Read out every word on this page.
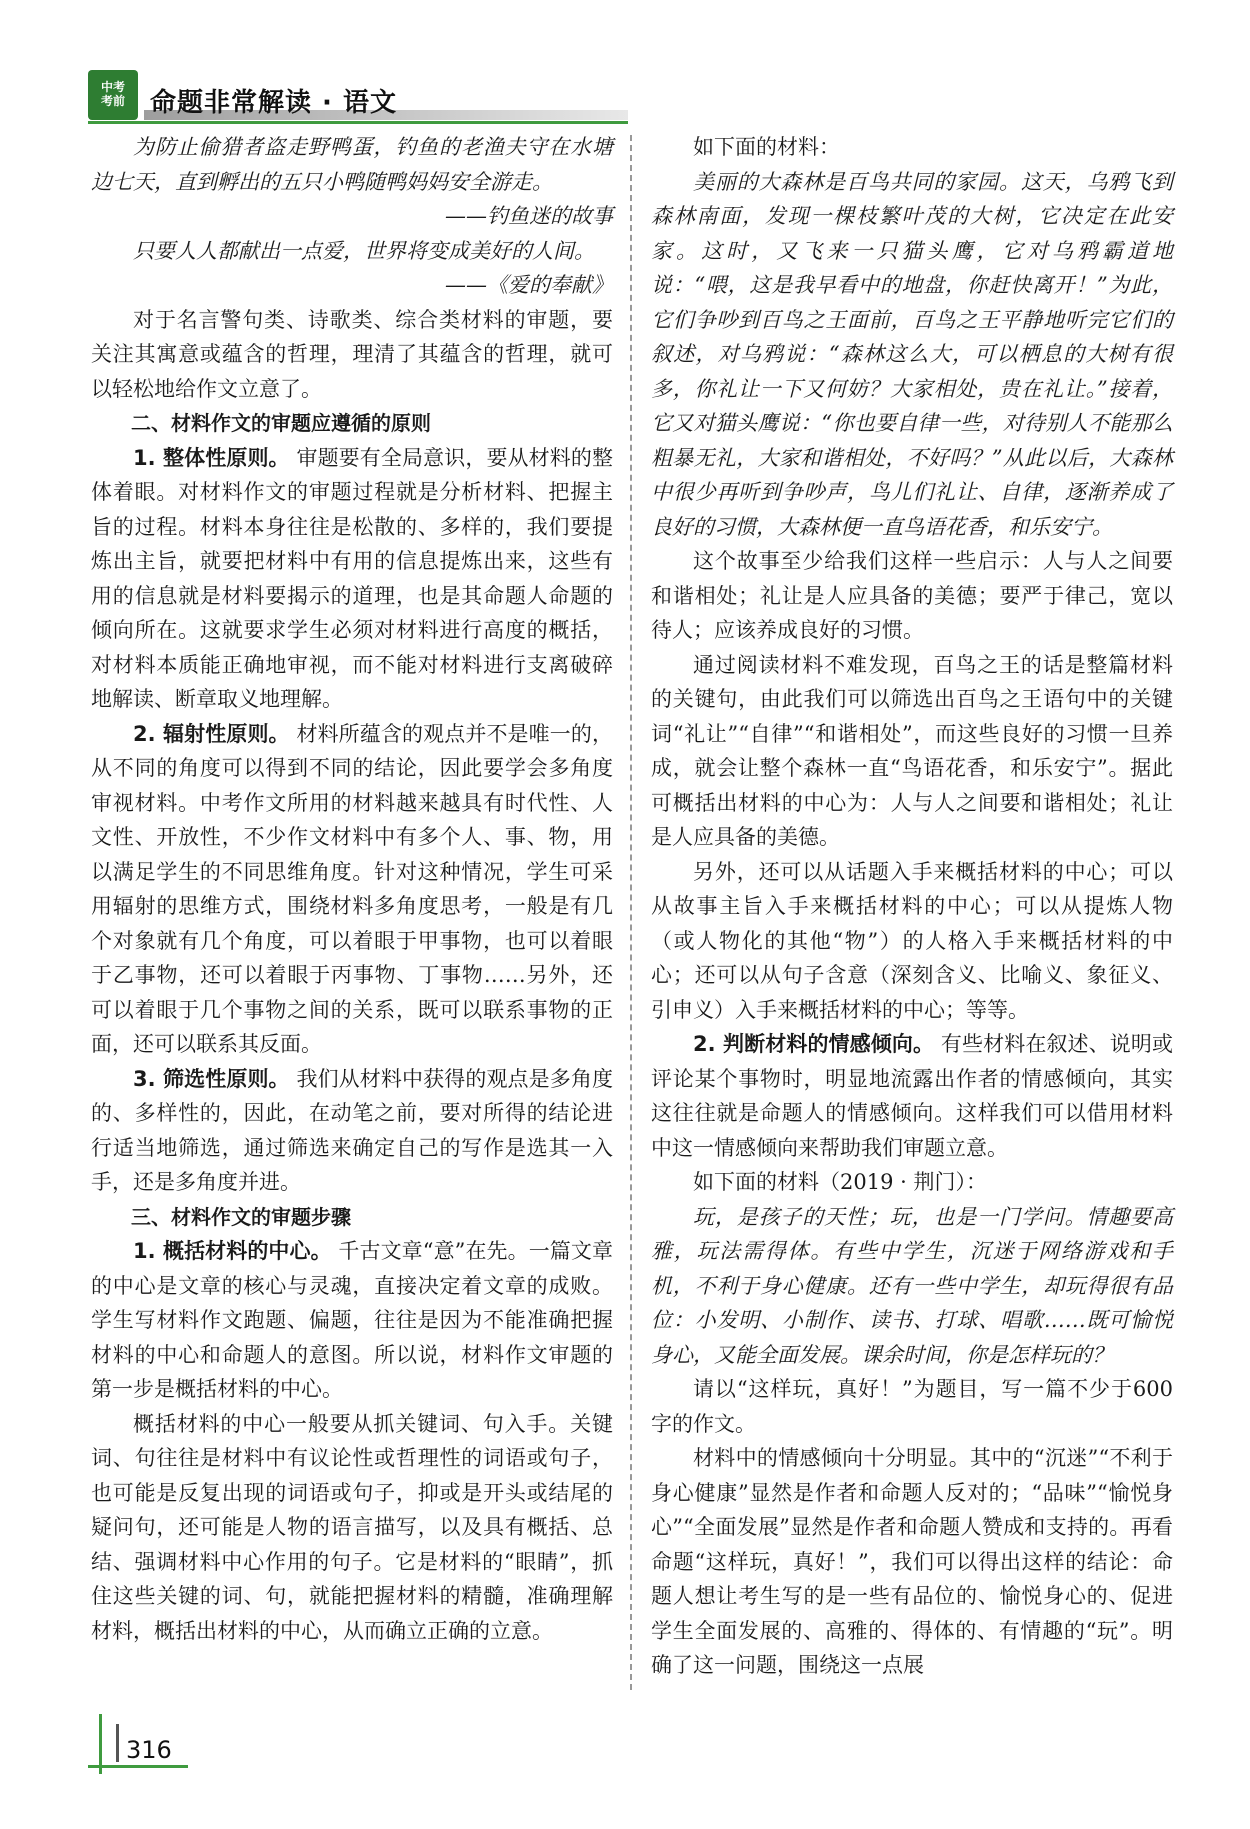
中考
考前 命题非常解读 · 语文

为防止偷猎者盗走野鸭蛋，钓鱼的老渔夫守在水塘边七天，直到孵出的五只小鸭随鸭妈妈安全游走。

——钓鱼迷的故事

只要人人都献出一点爱，世界将变成美好的人间。

——《爱的奉献》

对于名言警句类、诗歌类、综合类材料的审题，要关注其寓意或蕴含的哲理，理清了其蕴含的哲理，就可以轻松地给作文立意了。

二、材料作文的审题应遵循的原则

1. 整体性原则。 审题要有全局意识，要从材料的整体着眼。对材料作文的审题过程就是分析材料、把握主旨的过程。材料本身往往是松散的、多样的，我们要提炼出主旨，就要把材料中有用的信息提炼出来，这些有用的信息就是材料要揭示的道理，也是其命题人命题的倾向所在。这就要求学生必须对材料进行高度的概括，对材料本质能正确地审视，而不能对材料进行支离破碎地解读、断章取义地理解。

2. 辐射性原则。 材料所蕴含的观点并不是唯一的，从不同的角度可以得到不同的结论，因此要学会多角度审视材料。中考作文所用的材料越来越具有时代性、人文性、开放性，不少作文材料中有多个人、事、物，用以满足学生的不同思维角度。针对这种情况，学生可采用辐射的思维方式，围绕材料多角度思考，一般是有几个对象就有几个角度，可以着眼于甲事物，也可以着眼于乙事物，还可以着眼于丙事物、丁事物……另外，还可以着眼于几个事物之间的关系，既可以联系事物的正面，还可以联系其反面。

3. 筛选性原则。 我们从材料中获得的观点是多角度的、多样性的，因此，在动笔之前，要对所得的结论进行适当地筛选，通过筛选来确定自己的写作是选其一入手，还是多角度并进。

三、材料作文的审题步骤

1. 概括材料的中心。 千古文章“意”在先。一篇文章的中心是文章的核心与灵魂，直接决定着文章的成败。学生写材料作文跑题、偏题，往往是因为不能准确把握材料的中心和命题人的意图。所以说，材料作文审题的第一步是概括材料的中心。

概括材料的中心一般要从抓关键词、句入手。关键词、句往往是材料中有议论性或哲理性的词语或句子，也可能是反复出现的词语或句子，抑或是开头或结尾的疑问句，还可能是人物的语言描写，以及具有概括、总结、强调材料中心作用的句子。它是材料的“眼睛”，抓住这些关键的词、句，就能把握材料的精髓，准确理解材料，概括出材料的中心，从而确立正确的立意。

如下面的材料：

美丽的大森林是百鸟共同的家园。这天，乌鸦飞到森林南面，发现一棵枝繁叶茂的大树，它决定在此安家。这时，又飞来一只猫头鹰，它对乌鸦霸道地说：“喂，这是我早看中的地盘，你赶快离开！”为此，它们争吵到百鸟之王面前，百鸟之王平静地听完它们的叙述，对乌鸦说：“森林这么大，可以栖息的大树有很多，你礼让一下又何妨？大家相处，贵在礼让。”接着，它又对猫头鹰说：“你也要自律一些，对待别人不能那么粗暴无礼，大家和谐相处，不好吗？”从此以后，大森林中很少再听到争吵声，鸟儿们礼让、自律，逐渐养成了良好的习惯，大森林便一直鸟语花香，和乐安宁。

这个故事至少给我们这样一些启示：人与人之间要和谐相处；礼让是人应具备的美德；要严于律己，宽以待人；应该养成良好的习惯。

通过阅读材料不难发现，百鸟之王的话是整篇材料的关键句，由此我们可以筛选出百鸟之王语句中的关键词“礼让”“自律”“和谐相处”，而这些良好的习惯一旦养成，就会让整个森林一直“鸟语花香，和乐安宁”。据此可概括出材料的中心为：人与人之间要和谐相处；礼让是人应具备的美德。

另外，还可以从话题入手来概括材料的中心；可以从故事主旨入手来概括材料的中心；可以从提炼人物（或人物化的其他“物”）的人格入手来概括材料的中心；还可以从句子含意（深刻含义、比喻义、象征义、引申义）入手来概括材料的中心；等等。

2. 判断材料的情感倾向。 有些材料在叙述、说明或评论某个事物时，明显地流露出作者的情感倾向，其实这往往就是命题人的情感倾向。这样我们可以借用材料中这一情感倾向来帮助我们审题立意。

如下面的材料（2019 · 荆门）：

玩，是孩子的天性；玩，也是一门学问。情趣要高雅，玩法需得体。有些中学生，沉迷于网络游戏和手机，不利于身心健康。还有一些中学生，却玩得很有品位：小发明、小制作、读书、打球、唱歌……既可愉悦身心，又能全面发展。课余时间，你是怎样玩的？

请以“这样玩，真好！”为题目，写一篇不少于600字的作文。

材料中的情感倾向十分明显。其中的“沉迷”“不利于身心健康”显然是作者和命题人反对的；“品味”“愉悦身心”“全面发展”显然是作者和命题人赞成和支持的。再看命题“这样玩，真好！”，我们可以得出这样的结论：命题人想让考生写的是一些有品位的、愉悦身心的、促进学生全面发展的、高雅的、得体的、有情趣的“玩”。明确了这一问题，围绕这一点展

316
